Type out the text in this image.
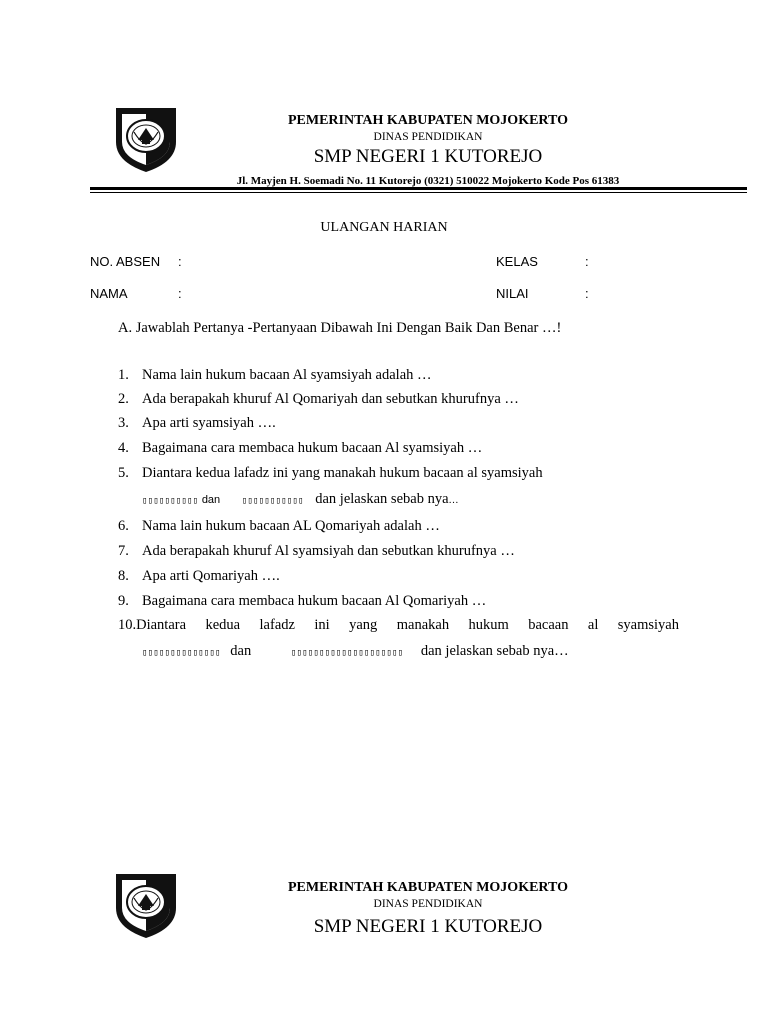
PEMERINTAH KABUPATEN MOJOKERTO
DINAS PENDIDIKAN
SMP NEGERI 1 KUTOREJO
Jl. Mayjen H. Soemadi No. 11 Kutorejo (0321) 510022 Mojokerto Kode Pos 61383
ULANGAN HARIAN
NO. ABSEN :	KELAS	:
NAMA	:	NILAI	:
A. Jawablah Pertanya -Pertanyaan Dibawah Ini Dengan Baik Dan Benar …!
1. Nama lain hukum bacaan Al syamsiyah adalah …
2. Ada berapakah khuruf Al Qomariyah dan sebutkan khurufnya …
3. Apa arti syamsiyah ….
4. Bagaimana cara membaca hukum bacaan Al syamsiyah …
5. Diantara kedua lafadz ini yang manakah hukum bacaan al syamsiyah
▯▯▯▯▯▯▯▯▯▯ dan ▯▯▯▯▯▯▯▯▯▯▯ dan jelaskan sebab nya…
6. Nama lain hukum bacaan AL Qomariyah adalah …
7. Ada berapakah khuruf Al syamsiyah dan sebutkan khurufnya …
8. Apa arti Qomariyah ….
9. Bagaimana cara membaca hukum bacaan Al Qomariyah …
10.Diantara kedua lafadz ini yang manakah hukum bacaan al syamsiyah
▯▯▯▯▯▯▯▯▯▯▯▯▯▯ dan	▯▯▯▯▯▯▯▯▯▯▯▯▯▯▯▯▯▯▯▯ dan jelaskan sebab nya…
PEMERINTAH KABUPATEN MOJOKERTO
DINAS PENDIDIKAN
SMP NEGERI 1 KUTOREJO
